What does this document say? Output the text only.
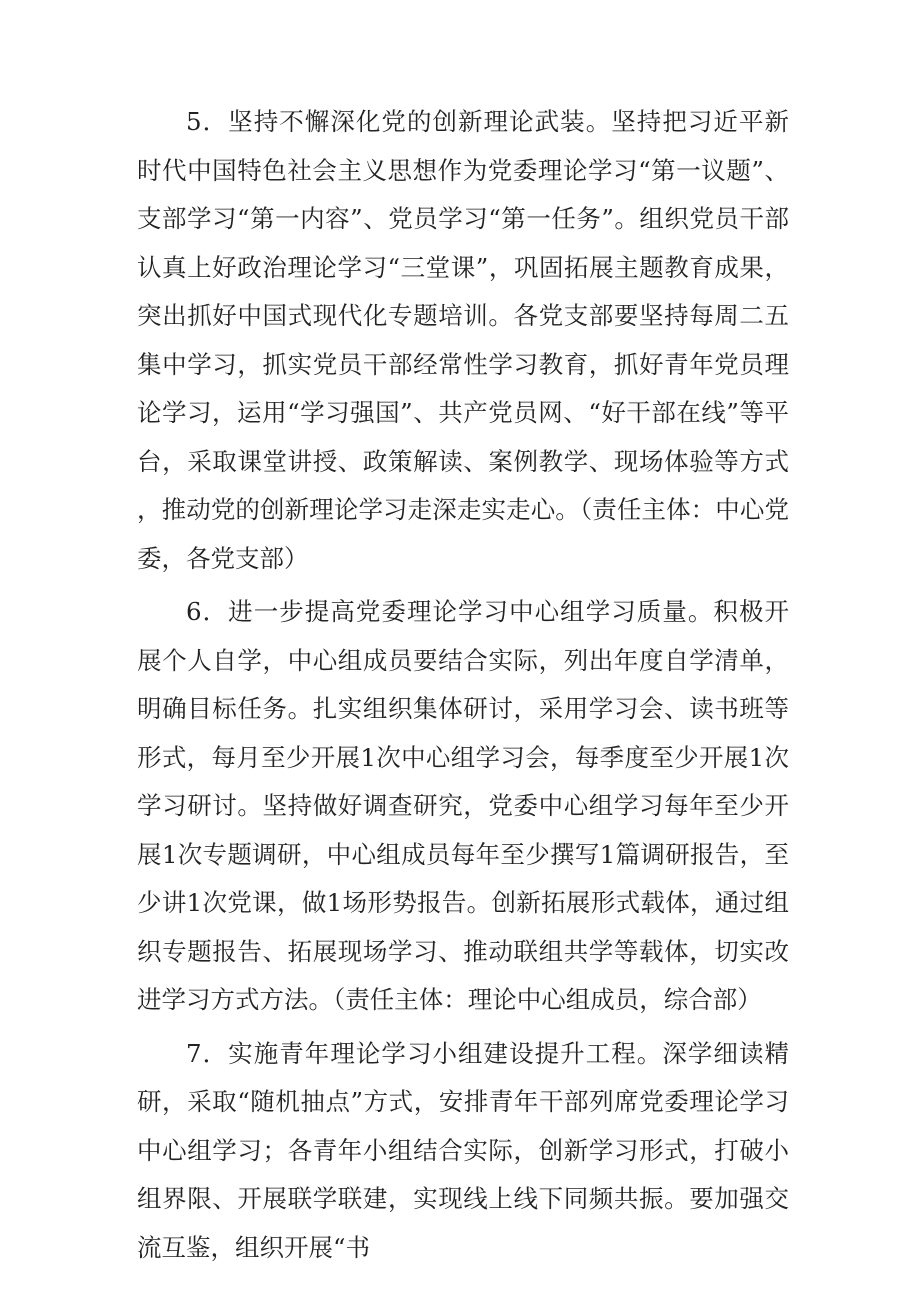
5．坚持不懈深化党的创新理论武装。坚持把习近平新时代中国特色社会主义思想作为党委理论学习“第一议题”、支部学习“第一内容”、党员学习“第一任务”。组织党员干部认真上好政治理论学习“三堂课”，巩固拓展主题教育成果，突出抓好中国式现代化专题培训。各党支部要坚持每周二五集中学习，抓实党员干部经常性学习教育，抓好青年党员理论学习，运用“学习强国”、共产党员网、“好干部在线”等平台，采取课堂讲授、政策解读、案例教学、现场体验等方式，推动党的创新理论学习走深走实走心。（责任主体：中心党委，各党支部）

6．进一步提高党委理论学习中心组学习质量。积极开展个人自学，中心组成员要结合实际，列出年度自学清单，明确目标任务。扎实组织集体研讨，采用学习会、读书班等形式，每月至少开展1次中心组学习会，每季度至少开展1次学习研讨。坚持做好调查研究，党委中心组学习每年至少开展1次专题调研，中心组成员每年至少撰写1篇调研报告，至少讲1次党课，做1场形势报告。创新拓展形式载体，通过组织专题报告、拓展现场学习、推动联组共学等载体，切实改进学习方式方法。（责任主体：理论中心组成员，综合部）

7．实施青年理论学习小组建设提升工程。深学细读精研，采取“随机抽点”方式，安排青年干部列席党委理论学习中心组学习；各青年小组结合实际，创新学习形式，打破小组界限、开展联学联建，实现线上线下同频共振。要加强交流互鉴，组织开展“书
